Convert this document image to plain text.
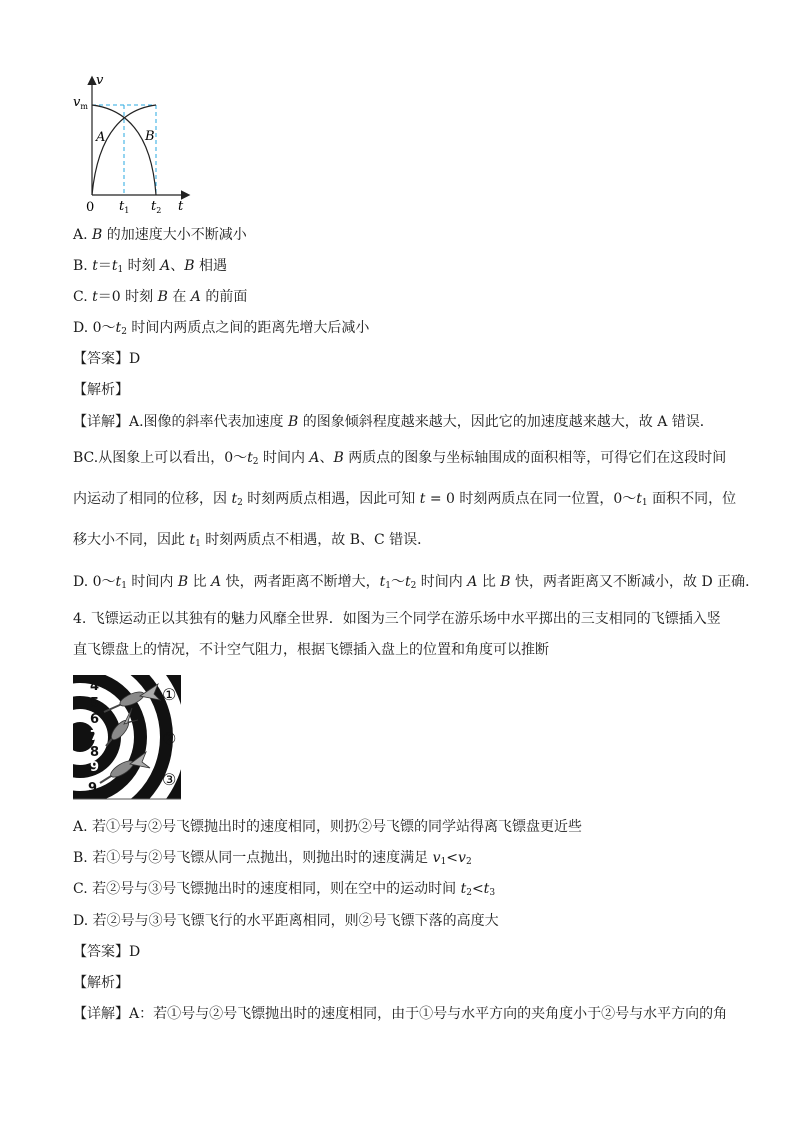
v
$v_m$
A	B
0 $t_1$ $t_2$ t
A. B 的加速度大小不断减小
B. $t=t_1$ 时刻 A、B 相遇
C. t＝0 时刻 B 在 A 的前面
D. $0\sim t_2$ 时间内两质点之间的距离先增大后减小
【答案】D
【解析】
【详解】A.图像的斜率代表加速度 B 的图象倾斜程度越来越大，因此它的加速度越来越大，故 A 错误．
BC.从图象上可以看出，$0\sim t_2$ 时间内 A、B 两质点的图象与坐标轴围成的面积相等，可得它们在这段时间
内运动了相同的位移，因 $t_2$ 时刻两质点相遇，因此可知 t = 0 时刻两质点在同一位置，$0\sim t_1$ 面积不同，位
移大小不同，因此 $t_1$ 时刻两质点不相遇，故 B、C 错误．
D. $0\sim t_1$ 时间内 B 比 A 快，两者距离不断增大，$t_1\sim t_2$ 时间内 A 比 B 快，两者距离又不断减小，故 D 正确．
4. 飞镖运动正以其独有的魅力风靡全世界．如图为三个同学在游乐场中水平掷出的三支相同的飞镖插入竖
直飞镖盘上的情况，不计空气阻力，根据飞镖插入盘上的位置和角度可以推断
4
5
6
7
8
9
9
①
②
③
A. 若①号与②号飞镖抛出时的速度相同，则扔②号飞镖的同学站得离飞镖盘更近些
B. 若①号与②号飞镖从同一点抛出，则抛出时的速度满足 $v_1<v_2$
C. 若②号与③号飞镖抛出时的速度相同，则在空中的运动时间 $t_2<t_3$
D. 若②号与③号飞镖飞行的水平距离相同，则②号飞镖下落的高度大
【答案】D
【解析】
【详解】A：若①号与②号飞镖抛出时的速度相同，由于①号与水平方向的夹角度小于②号与水平方向的角
